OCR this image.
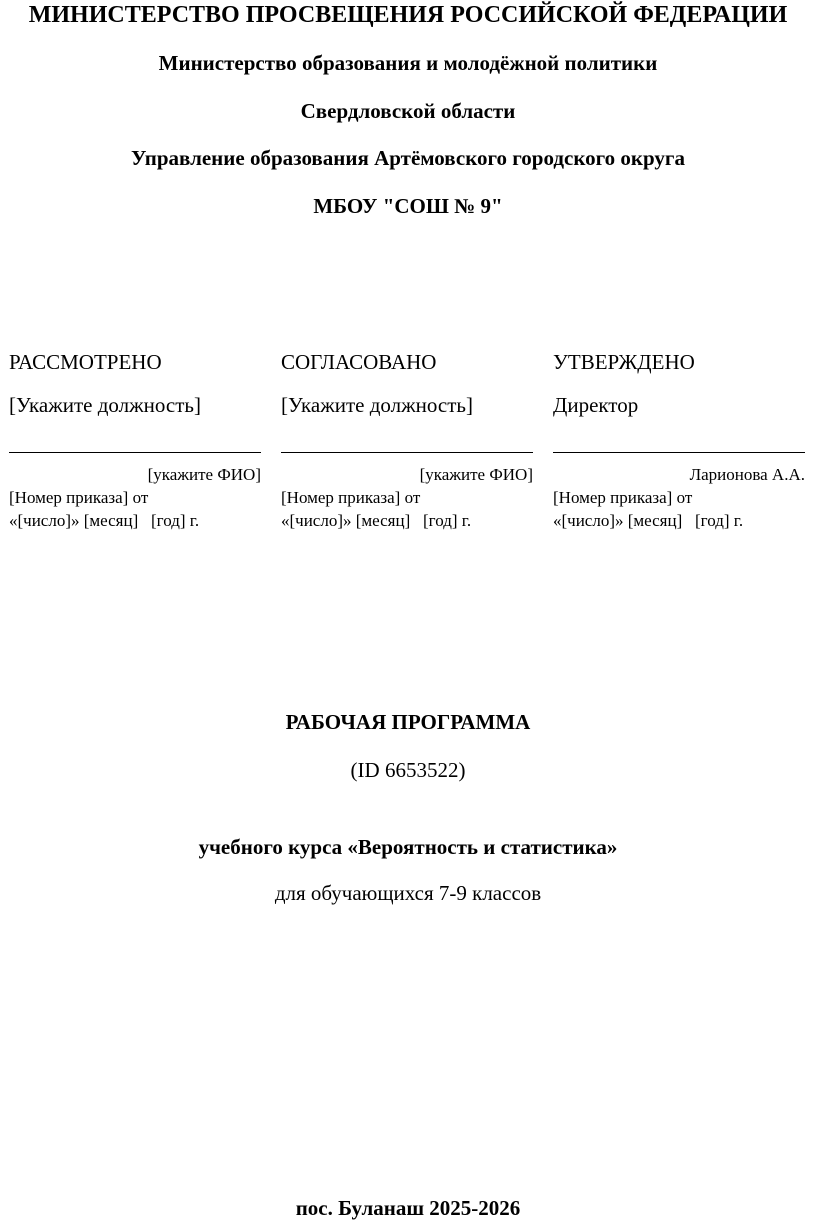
МИНИСТЕРСТВО ПРОСВЕЩЕНИЯ РОССИЙСКОЙ ФЕДЕРАЦИИ
Министерство образования и молодёжной политики
Свердловской области
Управление образования Артёмовского городского округа
МБОУ "СОШ № 9"
РАССМОТРЕНО
[Укажите должность]
[укажите ФИО]
[Номер приказа] от
«[число]» [месяц]   [год] г.
СОГЛАСОВАНО
[Укажите должность]
[укажите ФИО]
[Номер приказа] от
«[число]» [месяц]   [год] г.
УТВЕРЖДЕНО
Директор
Ларионова А.А.
[Номер приказа] от
«[число]» [месяц]   [год] г.
РАБОЧАЯ ПРОГРАММА
(ID 6653522)
учебного курса «Вероятность и статистика»
для обучающихся 7-9 классов
пос. Буланаш 2025-2026
